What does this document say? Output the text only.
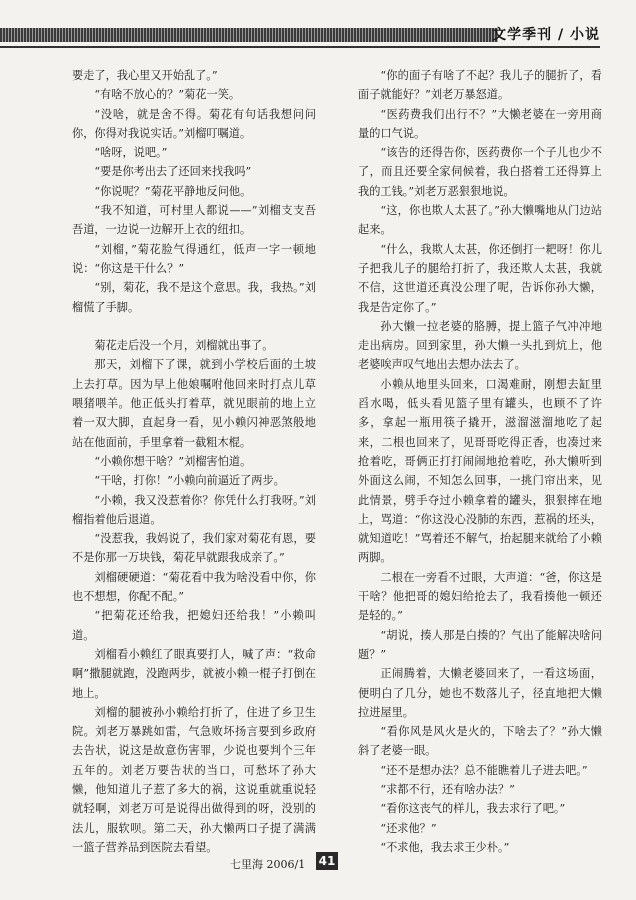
文学季刊 / 小说

要走了，我心里又开始乱了。”

“有啥不放心的？”菊花一笑。

“没啥，就是舍不得。菊花有句话我想问问你，你得对我说实话。”刘榴叮嘱道。

“啥呀，说吧。”

“要是你考出去了还回来找我吗”

“你说呢？”菊花平静地反问他。

“我不知道，可村里人都说——”刘榴支支吾吾道，一边说一边解开上衣的纽扣。

“刘榴，”菊花脸气得通红，低声一字一顿地说：“你这是干什么？”

“别，菊花，我不是这个意思。我，我热。”刘榴慌了手脚。

菊花走后没一个月，刘榴就出事了。

那天，刘榴下了课，就到小学校后面的土坡上去打草。因为早上他娘嘱咐他回来时打点儿草喂猪喂羊。他正低头打着草，就见眼前的地上立着一双大脚，直起身一看，见小赖闪神恶煞般地站在他面前，手里拿着一截粗木棍。

“小赖你想干啥？”刘榴害怕道。

“干啥，打你！”小赖向前逼近了两步。

“小赖，我又没惹着你？你凭什么打我呀。”刘榴指着他后退道。

“没惹我，我妈说了，我们家对菊花有恩，要不是你那一万块钱，菊花早就跟我成亲了。”

刘榴硬硬道：“菊花看中我为啥没看中你，你也不想想，你配不配。”

“把菊花还给我，把媳妇还给我！”小赖叫道。

刘榴看小赖红了眼真要打人，喊了声：“救命啊”撒腿就跑，没跑两步，就被小赖一棍子打倒在地上。

刘榴的腿被孙小赖给打折了，住进了乡卫生院。刘老万暴跳如雷，气急败坏扬言要到乡政府去告状，说这是故意伤害罪，少说也要判个三年五年的。刘老万要告状的当口，可愁坏了孙大懒，他知道儿子惹了多大的祸，这说重就重说轻就轻啊，刘老万可是说得出做得到的呀，没别的法儿，服软呗。第二天，孙大懒两口子提了满满一篮子营养品到医院去看望。

“你的面子有啥了不起？我儿子的腿折了，看面子就能好？”刘老万暴怒道。

“医药费我们出行不？”大懒老婆在一旁用商量的口气说。

“该告的还得告你，医药费你一个子儿也少不了，而且还要全家伺候着，我白搭着工还得算上我的工钱。”刘老万恶狠狠地说。

“这，你也欺人太甚了。”孙大懒嘴地从门边站起来。

“什么，我欺人太甚，你还倒打一耙呀！你儿子把我儿子的腿给打折了，我还欺人太甚，我就不信，这世道还真没公理了呢，告诉你孙大懒，我是告定你了。”

孙大懒一拉老婆的胳膊，提上篮子气冲冲地走出病房。回到家里，孙大懒一头扎到炕上，他老婆唉声叹气地出去想办法去了。

小赖从地里头回来，口渴难耐，刚想去缸里舀水喝，低头看见篮子里有罐头，也顾不了许多，拿起一瓶用筷子撬开，滋溜滋溜地吃了起来，二根也回来了，见哥哥吃得正香，也凑过来抢着吃，哥俩正打打闹闹地抢着吃，孙大懒听到外面这么闹，不知怎么回事，一挑门帘出来，见此情景，劈手夺过小赖拿着的罐头，狠狠摔在地上，骂道：“你这没心没肺的东西，惹祸的坯头，就知道吃！”骂着还不解气，抬起腿来就给了小赖两脚。

二根在一旁看不过眼，大声道：“爸，你这是干啥？他把哥的媳妇给抢去了，我看揍他一顿还是轻的。”

“胡说，揍人那是白揍的？气出了能解决啥问题？”

正闹腾着，大懒老婆回来了，一看这场面，便明白了几分，她也不数落儿子，径直地把大懒拉进屋里。

“看你风是风火是火的，下啥去了？”孙大懒斜了老婆一眼。

“还不是想办法？总不能瞧着儿子进去吧。”

“求都不行，还有啥办法？”

“看你这丧气的样儿，我去求行了吧。”

“还求他？”

“不求他，我去求王少朴。”

七里海 2006/1 41
